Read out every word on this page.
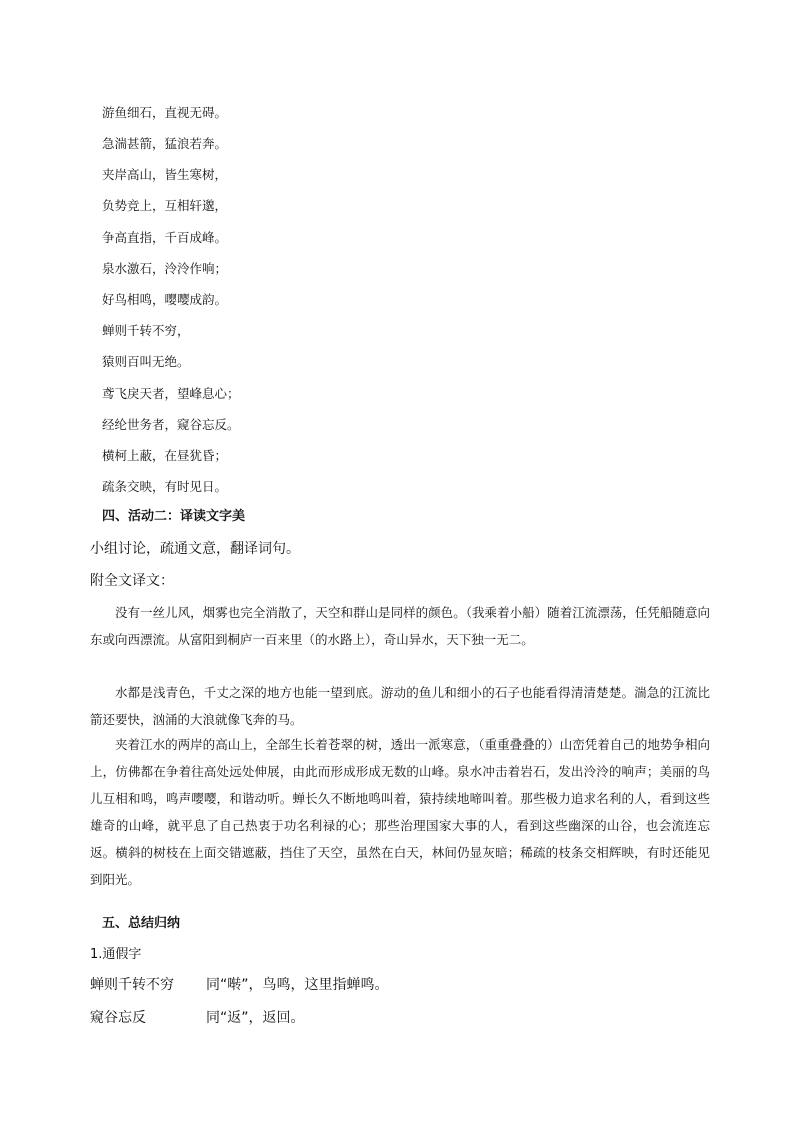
游鱼细石，直视无碍。
急湍甚箭，猛浪若奔。
夹岸高山，皆生寒树，
负势竞上，互相轩邈，
争高直指，千百成峰。
泉水激石，泠泠作响；
好鸟相鸣，嘤嘤成韵。
蝉则千转不穷，
猿则百叫无绝。
鸢飞戾天者，望峰息心；
经纶世务者，窥谷忘反。
横柯上蔽，在昼犹昏；
疏条交映，有时见日。
四、活动二：译读文字美
小组讨论，疏通文意，翻译词句。
附全文译文：

没有一丝儿风，烟雾也完全消散了，天空和群山是同样的颜色。（我乘着小船）随着江流漂荡，任凭船随意向东或向西漂流。从富阳到桐庐一百来里（的水路上），奇山异水，天下独一无二。

水都是浅青色，千丈之深的地方也能一望到底。游动的鱼儿和细小的石子也能看得清清楚楚。湍急的江流比箭还要快，汹涌的大浪就像飞奔的马。

夹着江水的两岸的高山上，全部生长着苍翠的树，透出一派寒意，（重重叠叠的）山峦凭着自己的地势争相向上，仿佛都在争着往高处远处伸展，由此而形成形成无数的山峰。泉水冲击着岩石，发出泠泠的响声；美丽的鸟儿互相和鸣，鸣声嘤嘤，和谐动听。蝉长久不断地鸣叫着，猿持续地啼叫着。那些极力追求名利的人，看到这些雄奇的山峰，就平息了自己热衷于功名利禄的心；那些治理国家大事的人，看到这些幽深的山谷，也会流连忘返。横斜的树枝在上面交错遮蔽，挡住了天空，虽然在白天，林间仍显灰暗；稀疏的枝条交相辉映，有时还能见到阳光。

五、总结归纳
1.通假字
蝉则千转不穷 同“啭”，鸟鸣，这里指蝉鸣。
窥谷忘反	同“返”，返回。
